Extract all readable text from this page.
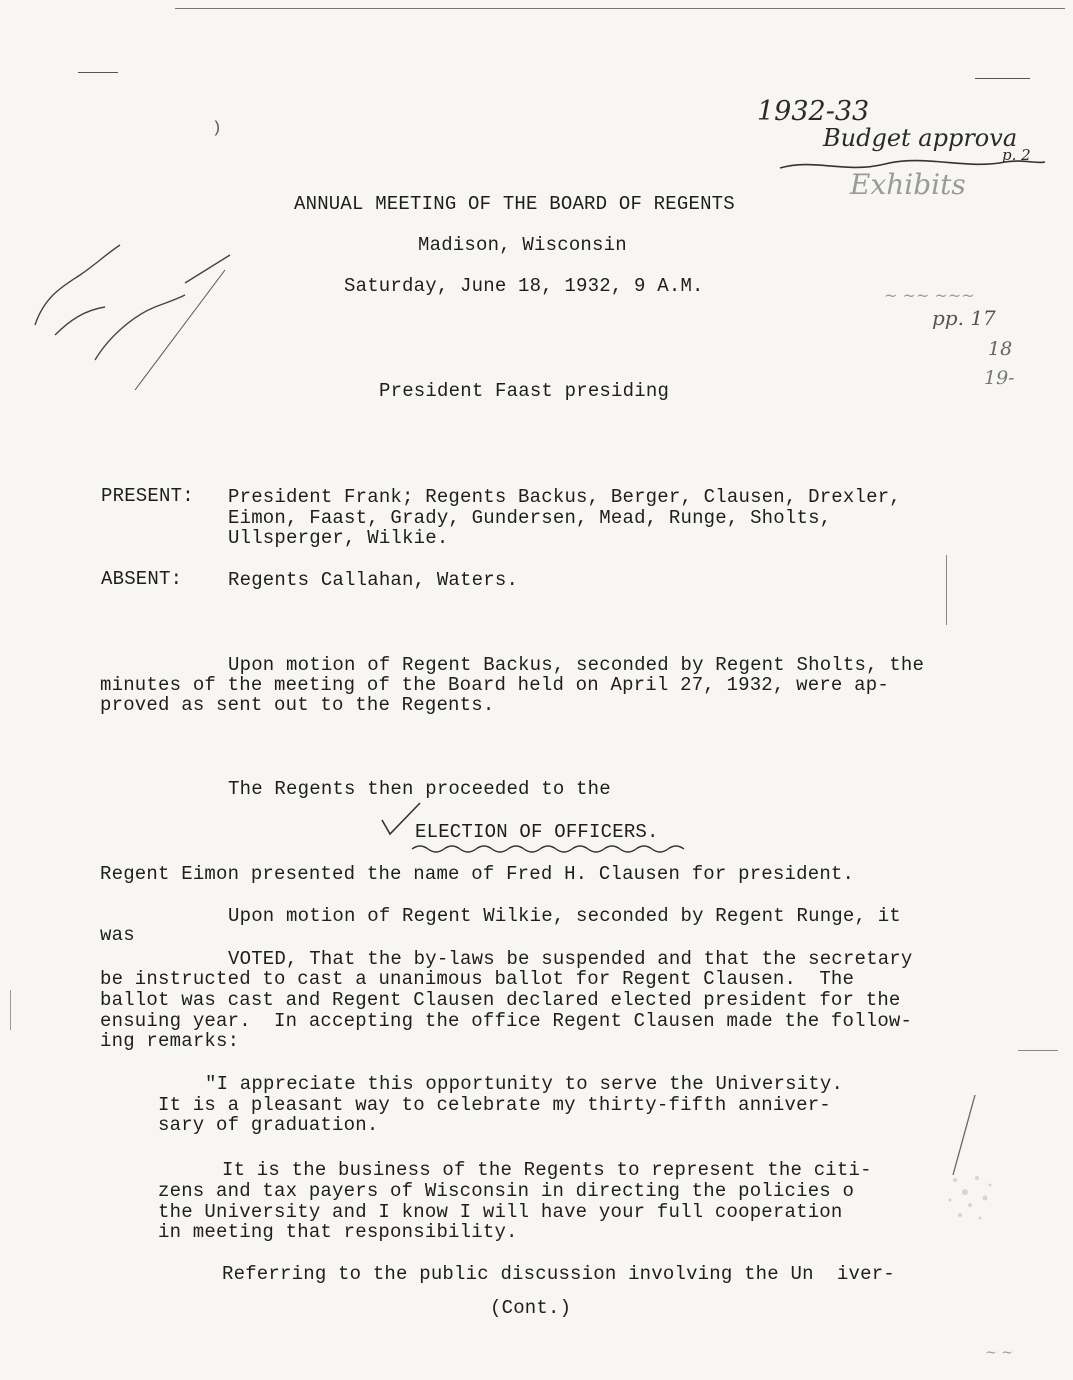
1932-33
Budget approva
p. 2
Exhibits
~ ~~ ~~~
pp. 17
18
19-
)
ANNUAL MEETING OF THE BOARD OF REGENTS
Madison, Wisconsin
Saturday, June 18, 1932, 9 A.M.
President Faast presiding
PRESENT: President Frank; Regents Backus, Berger, Clausen, Drexler,
Eimon, Faast, Grady, Gundersen, Mead, Runge, Sholts,
Ullsperger, Wilkie.
ABSENT: Regents Callahan, Waters.
Upon motion of Regent Backus, seconded by Regent Sholts, the
minutes of the meeting of the Board held on April 27, 1932, were ap-
proved as sent out to the Regents.
The Regents then proceeded to the
ELECTION OF OFFICERS.
Regent Eimon presented the name of Fred H. Clausen for president.
Upon motion of Regent Wilkie, seconded by Regent Runge, it
was
VOTED, That the by-laws be suspended and that the secretary
be instructed to cast a unanimous ballot for Regent Clausen.  The
ballot was cast and Regent Clausen declared elected president for the
ensuing year.  In accepting the office Regent Clausen made the follow-
ing remarks:
"I appreciate this opportunity to serve the University.
It is a pleasant way to celebrate my thirty-fifth anniver-
sary of graduation.
It is the business of the Regents to represent the citi-
zens and tax payers of Wisconsin in directing the policies o
the University and I know I will have your full cooperation
in meeting that responsibility.
Referring to the public discussion involving the Un  iver-
(Cont.)
~ ~
